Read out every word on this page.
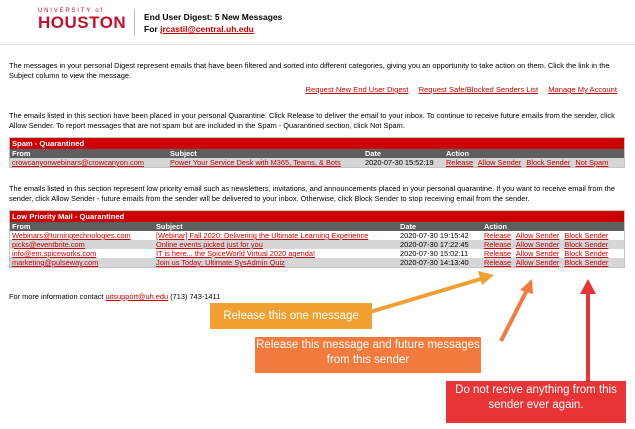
UNIVERSITY of
HOUSTON End User Digest: 5 New Messages
For jrcastil@central.uh.edu
The messages in your personal Digest represent emails that have been filtered and sorted into different categories, giving you an opportunity to take action on them. Click the link in the Subject column to view the message.
Request New End User Digest Request Safe/Blocked Senders List Manage My Account
The emails listed in this section have been placed in your personal Quarantine. Click Release to deliver the email to your inbox. To continue to receive future emails from the sender, click Allow Sender. To report messages that are not spam but are included in the Spam - Quarantined section, click Not Spam.
Spam - Quarantined
From	Subject	Date	Action
crowcanyonwebinars@crowcanyon.com	Power Your Service Desk with M365, Teams, & Bots	2020-07-30 15:52:19	Release Allow Sender Block Sender Not Spam
The emails listed in this section represent low priority email such as newsletters, invitations, and announcements placed in your personal quarantine. If you want to receive email from the sender, click Allow Sender - future emails from the sender will be delivered to your inbox. Otherwise, click Block Sender to stop receiving email from the sender.
Low Priority Mail - Quarantined
From	Subject	Date	Action
Webinars@turningtechnologies.com	[Webinar] Fall 2020: Delivering the Ultimate Learning Experience	2020-07-30 19:15:42	Release Allow Sender Block Sender
picks@eventbrite.com	Online events picked just for you	2020-07-30 17:22:45	Release Allow Sender Block Sender
info@em.spiceworks.com	IT is here... the SpiceWorld Virtual 2020 agenda!	2020-07-30 15:02:11	Release Allow Sender Block Sender
marketing@pulseway.com	Join us Today: Ultimate SysAdmin Quiz	2020-07-30 14:13:40	Release Allow Sender Block Sender
For more information contact uitsupport@uh.edu (713) 743-1411
Release this one message
Release this message and future messages from this sender
Do not recive anything from this sender ever again.
